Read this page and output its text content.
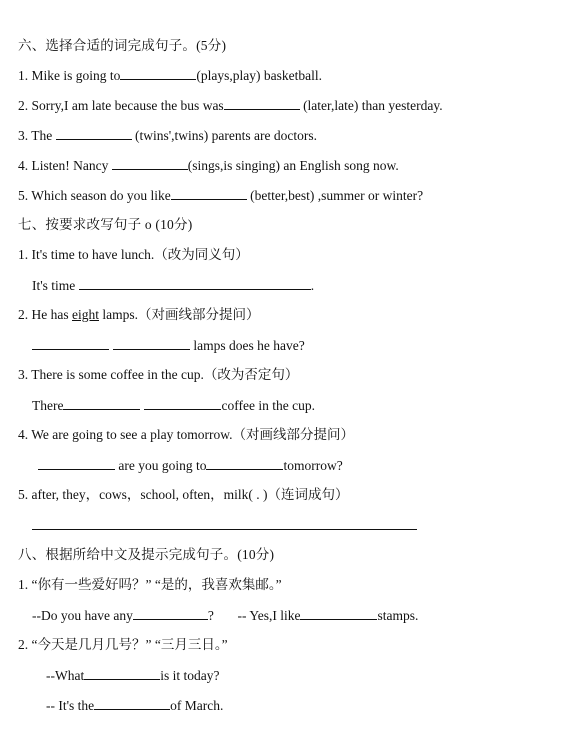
六、选择合适的词完成句子。(5分)
1. Mike is going to	(plays,play) basketball.
2. Sorry,I am late because the bus was	(later,late) than yesterday.
3. The	(twins',twins) parents are doctors.
4. Listen! Nancy	(sings,is singing) an English song now.
5. Which season do you like	(better,best) ,summer or winter?
七、按要求改写句子 o (10分)
1. It's time to have lunch.（改为同义句）
It's time	.
2. He has eight lamps.（对画线部分提问）
lamps does he have?
3. There is some coffee in the cup.（改为否定句）
There	coffee in the cup.
4. We are going to see a play tomorrow.（对画线部分提问）
are you going to	tomorrow?
5. after, they，cows，school, often，milk( . )（连词成句）
八、根据所给中文及提示完成句子。(10分)
1. “你有一些爱好吗？” “是的，我喜欢集邮。”
--Do you have any	?       -- Yes,I like	stamps.
2. “今天是几月几号？” “三月三日。”
--What	is it today?
-- It's the	of March.
